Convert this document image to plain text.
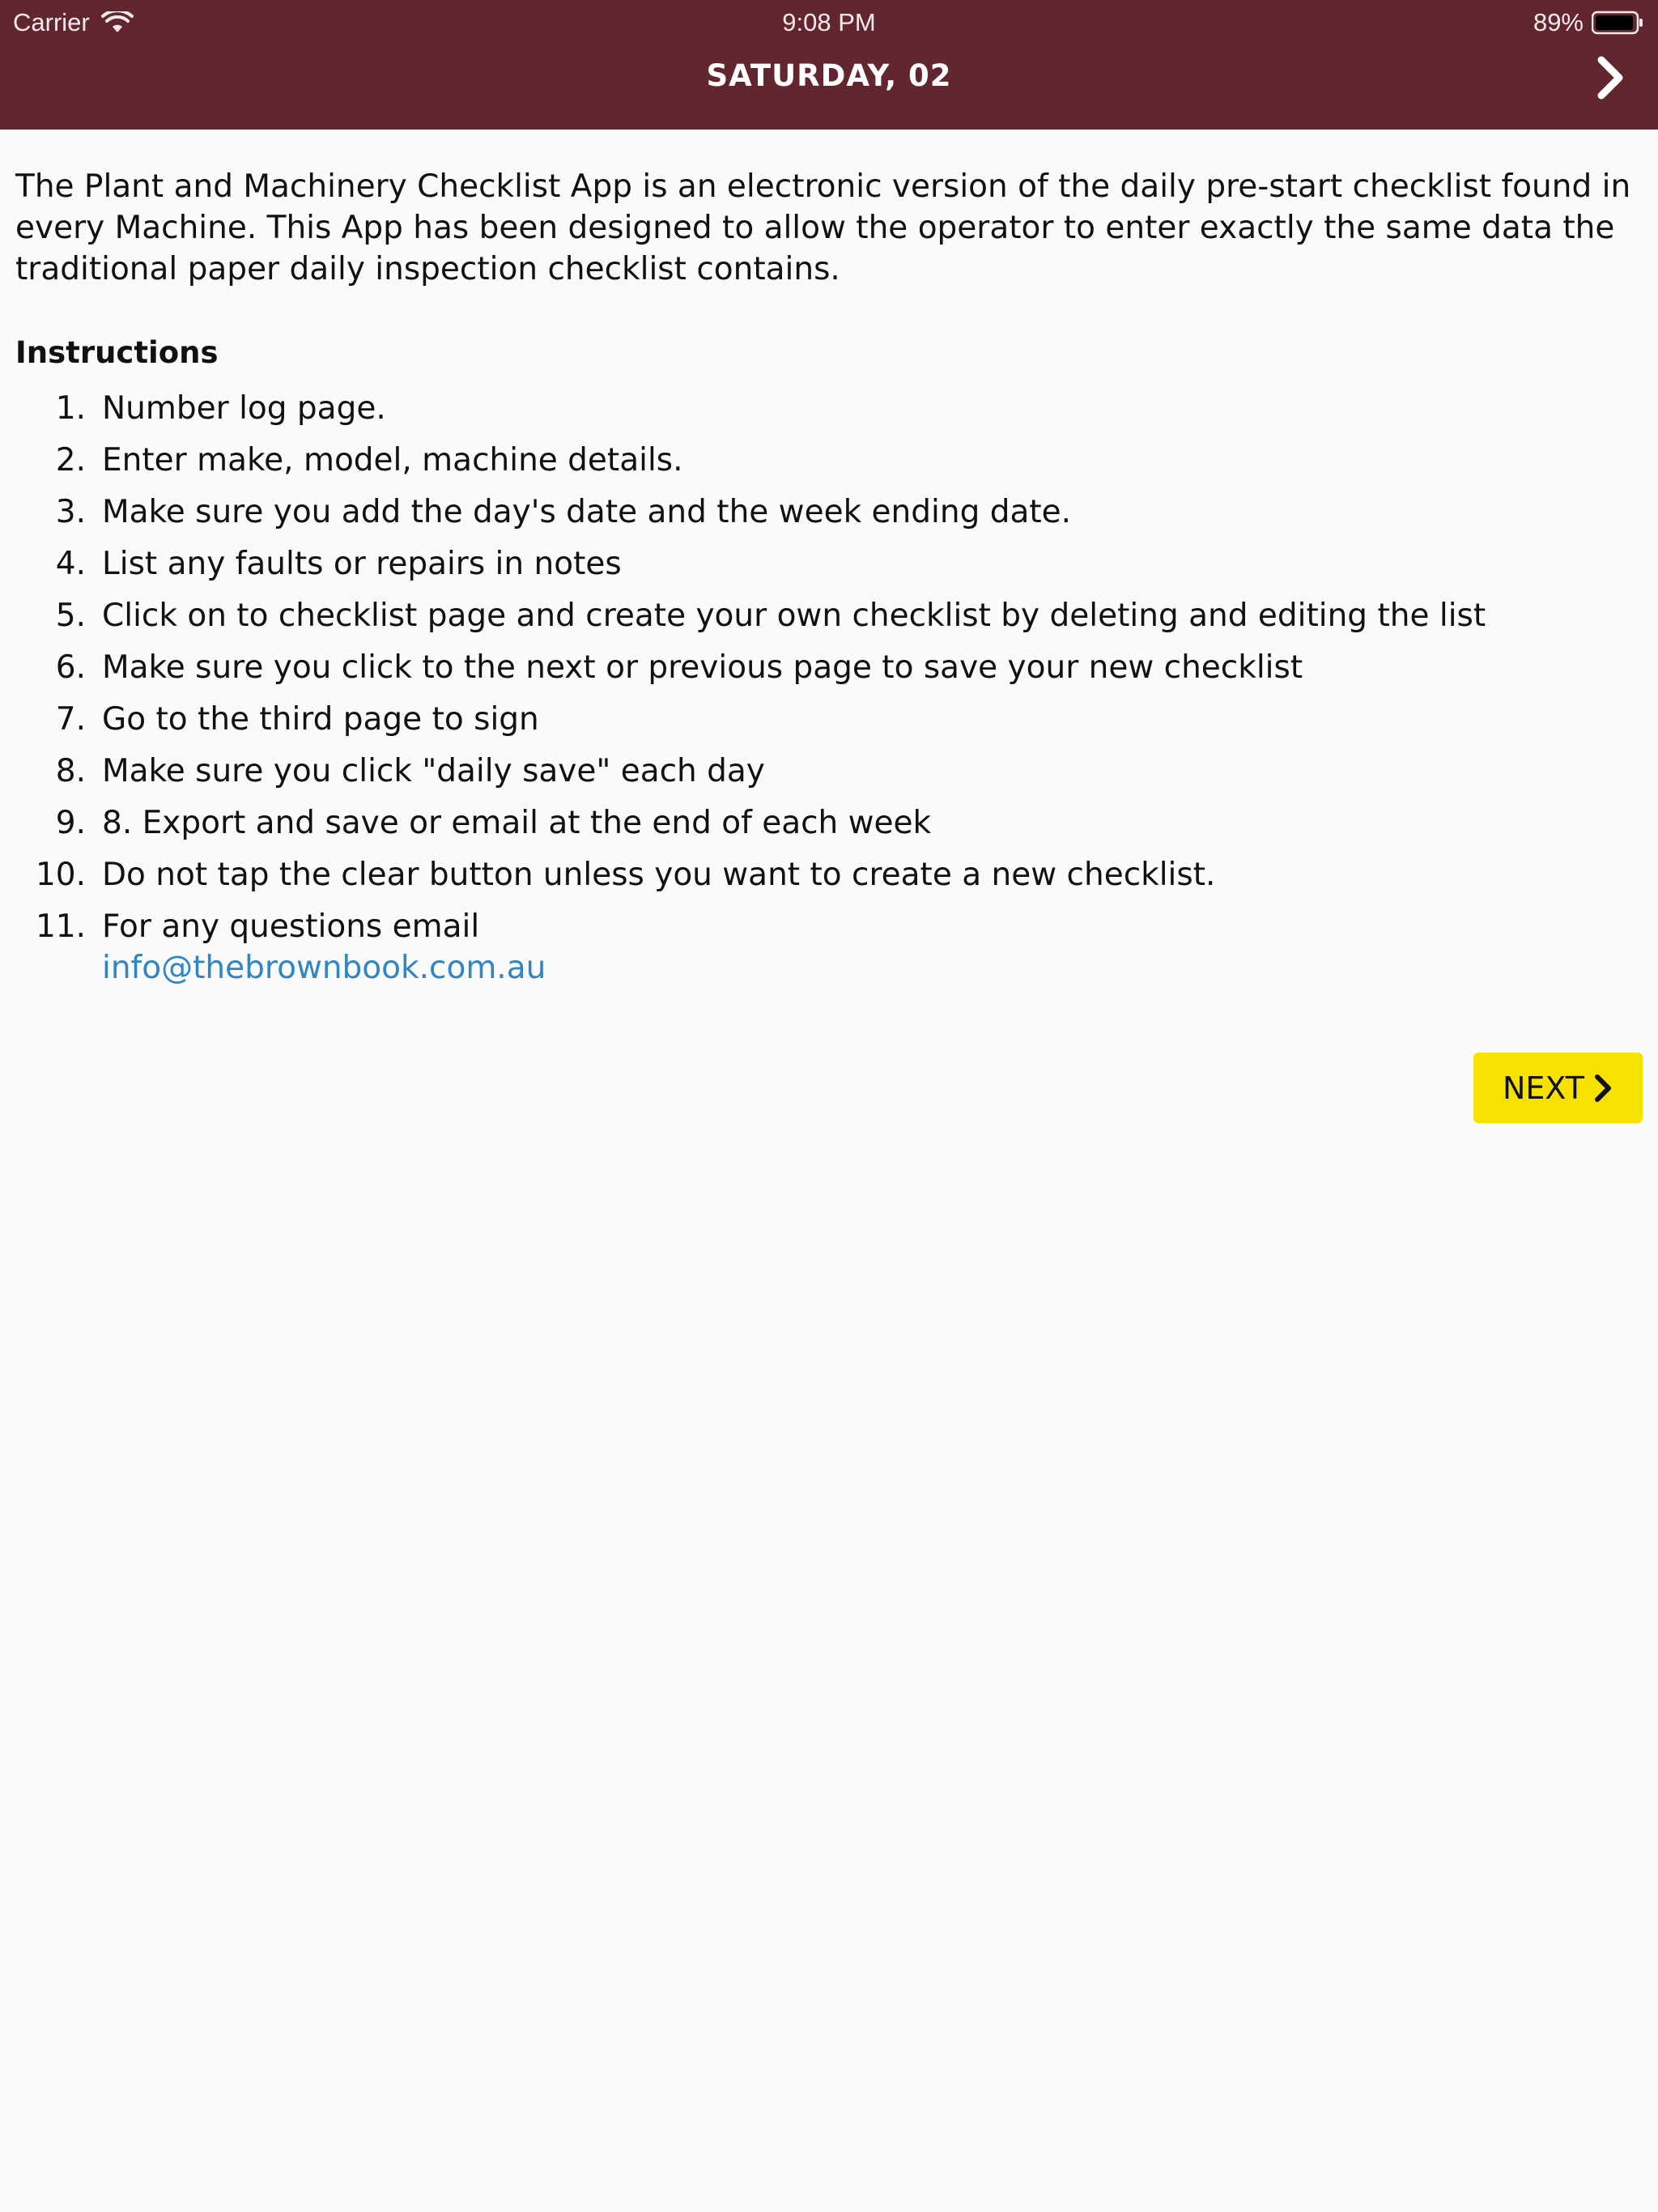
Carrier	9:08 PM	89%
SATURDAY, 02

The Plant and Machinery Checklist App is an electronic version of the daily pre-start checklist found in every Machine. This App has been designed to allow the operator to enter exactly the same data the traditional paper daily inspection checklist contains.

Instructions
1. Number log page.
2. Enter make, model, machine details.
3. Make sure you add the day's date and the week ending date.
4. List any faults or repairs in notes
5. Click on to checklist page and create your own checklist by deleting and editing the list
6. Make sure you click to the next or previous page to save your new checklist
7. Go to the third page to sign
8. Make sure you click "daily save" each day
9. 8. Export and save or email at the end of each week
10. Do not tap the clear button unless you want to create a new checklist.
11. For any questions email
info@thebrownbook.com.au
NEXT
